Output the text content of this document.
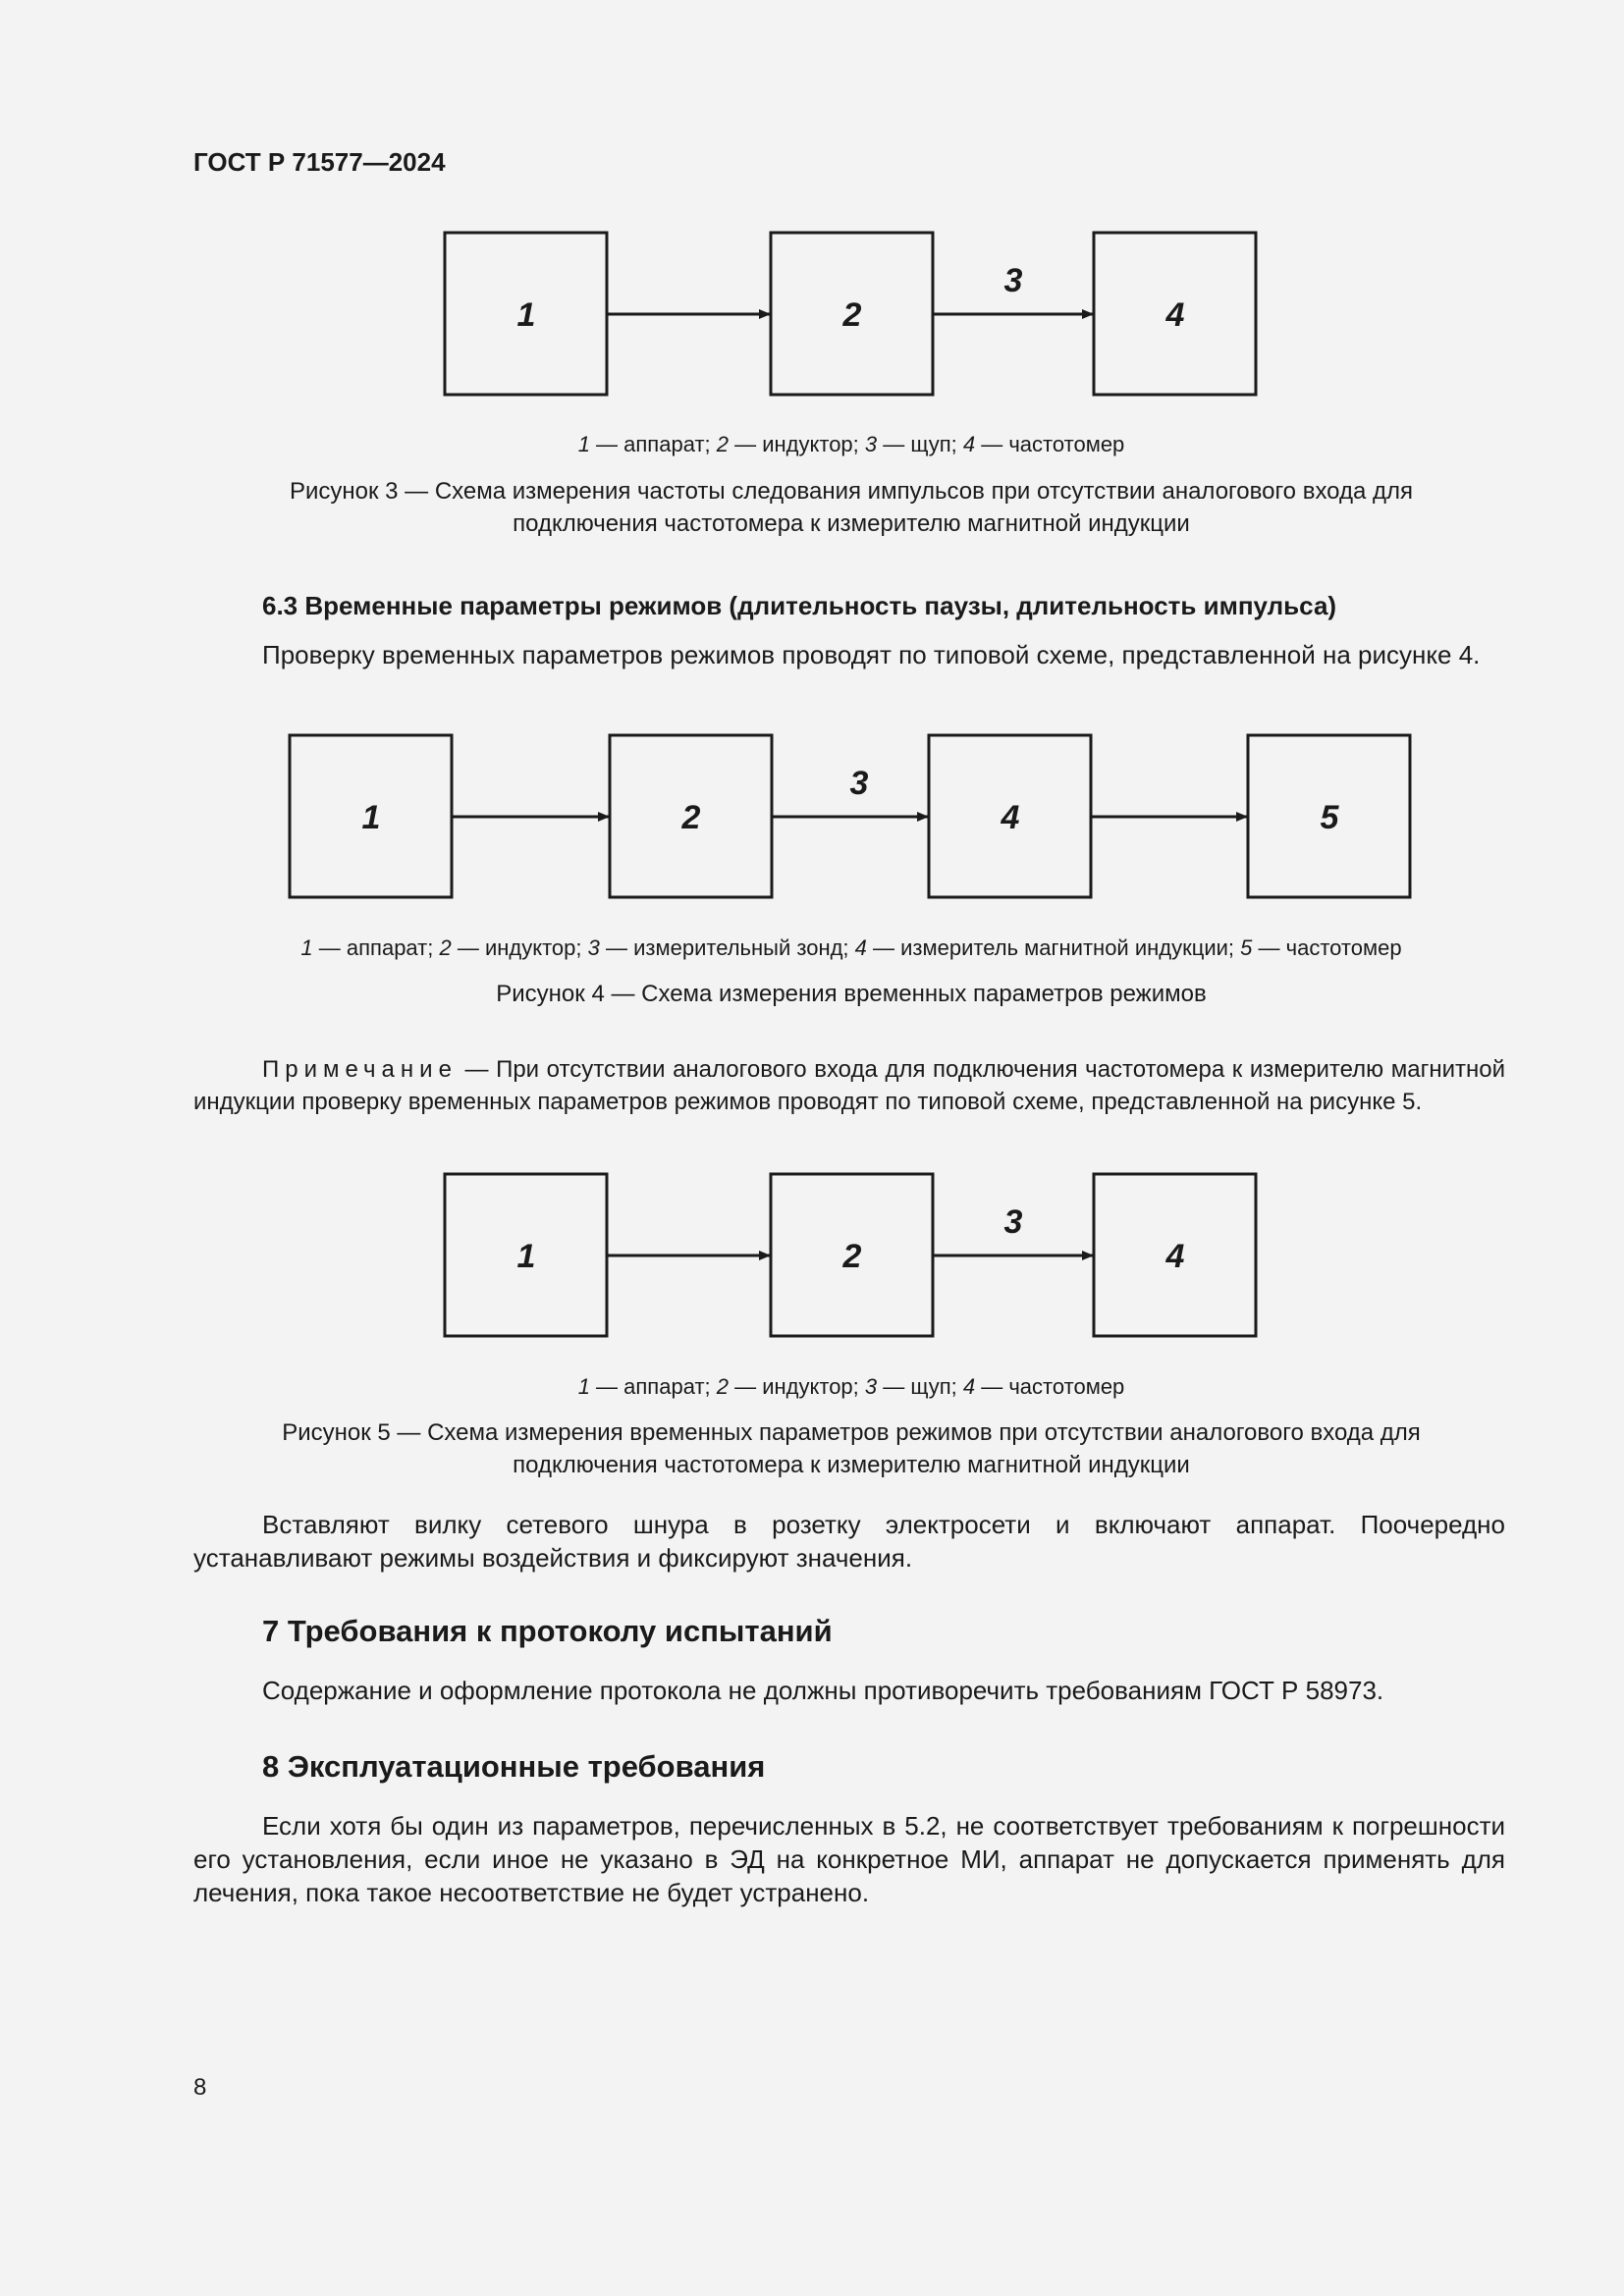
ГОСТ Р 71577—2024
1	2	4
3
1	2	4	5
3
1	2	4
3
1 — аппарат; 2 — индуктор; 3 — щуп; 4 — частотомер
Рисунок 3 — Схема измерения частоты следования импульсов при отсутствии аналогового входа для
подключения частотомера к измерителю магнитной индукции
6.3 Временные параметры режимов (длительность паузы, длительность импульса)

Проверку временных параметров режимов проводят по типовой схеме, представленной на рисунке 4.

1 — аппарат; 2 — индуктор; 3 — измерительный зонд; 4 — измеритель магнитной индукции; 5 — частотомер
Рисунок 4 — Схема измерения временных параметров режимов

Примечание — При отсутствии аналогового входа для подключения частотомера к измерителю магнитной индукции проверку временных параметров режимов проводят по типовой схеме, представленной на рисунке 5.

1 — аппарат; 2 — индуктор; 3 — щуп; 4 — частотомер
Рисунок 5 — Схема измерения временных параметров режимов при отсутствии аналогового входа для
подключения частотомера к измерителю магнитной индукции

Вставляют вилку сетевого шнура в розетку электросети и включают аппарат. Поочередно устанавливают режимы воздействия и фиксируют значения.

7 Требования к протоколу испытаний

Содержание и оформление протокола не должны противоречить требованиям ГОСТ Р 58973.

8 Эксплуатационные требования

Если хотя бы один из параметров, перечисленных в 5.2, не соответствует требованиям к погрешности его установления, если иное не указано в ЭД на конкретное МИ, аппарат не допускается применять для лечения, пока такое несоответствие не будет устранено.

8
